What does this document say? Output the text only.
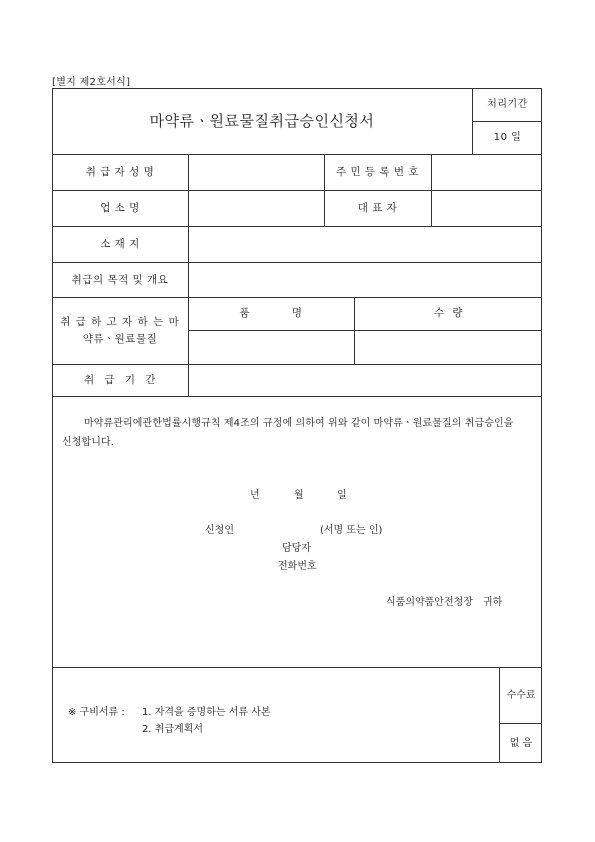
[별지 제2호서식]
마약류ㆍ원료물질취급승인신청서
처리기간
10 일
취 급 자 성 명	주 민 등 록 번 호
업 소 명	대 표 자
소 재 지
취급의 목적 및 개요
취 급 하 고 자 하 는 마
약류ㆍ원료물질
품 명	수 량
취 급 기 간
마약류관리에관한법률시행규칙 제4조의 규정에 의하여 위와 같이 마약류ㆍ원료물질의 취급승인을 신청합니다.
년	월	일
신청인	(서명 또는 인)
담당자
전화번호
식품의약품안전청장 귀하
※ 구비서류 : 1. 자격을 증명하는 서류 사본
2. 취급계획서
수수료
없 음
